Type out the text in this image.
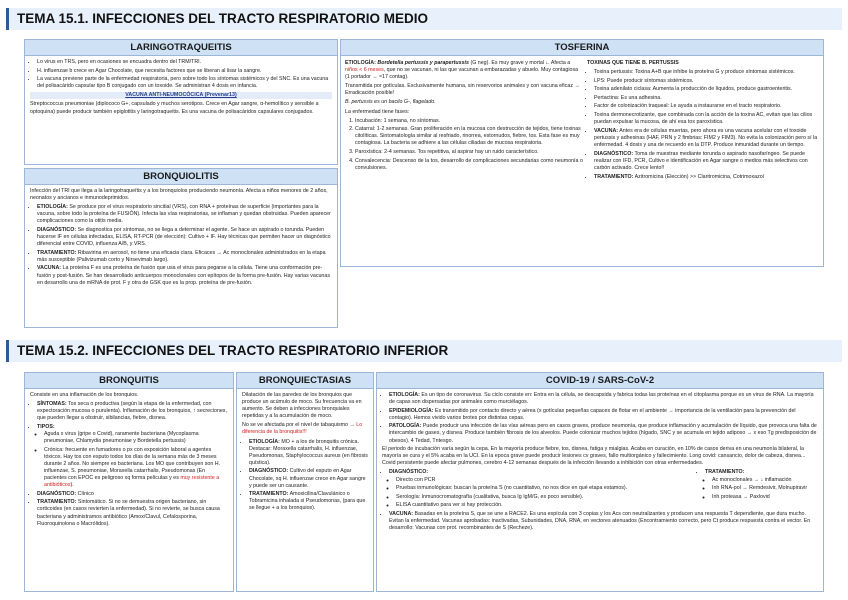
TEMA 15.1. INFECCIONES DEL TRACTO RESPIRATORIO MEDIO
LARINGOTRAQUEITIS
• Lo virus en TRS, pero en ocasiones se encuadra dentro del TRM/TRI.
• H. influenzae b crece en Agar Chocolate, que necesita factores que se liberan al lisar la sangre.
• La vacuna previene parte de la enfermedad respiratoria, pero sobre todo los síntomas sistémicos y del SNC. Es una vacuna del polisacárido capsular tipo B conjugado con un toxoide. Se administran 4 dosis en infancia.
VACUNA ANTI-NEUMOCÓCICA (Prevenar13)

Streptococcus pneumoniae (diplococo G+, capsulado y muchos serotipos. Crece en Agar sangre, α-hemolítico y sensible a optoquina) puede producir también epiglotitis y laringotraqueitis. Es una vacuna de polisacáridos capsulares conjugados.

BRONQUIOLITIS

Infección del TRI que llega a la laringotraqueítis y a los bronquiolos produciendo neumonía. Afecta a niños menores de 2 años, neonatos y ancianos e inmunodeprimidos.

• ETIOLOGÍA: Se produce por el virus respiratorio sincitial (VRS), con RNA + proteínas de superficie (importantes para la vacuna, sobre todo la proteína de FUSIÓN). Infecta las vías respiratorias, se inflaman y quedan obstruidas. Pueden aparecer complicaciones como la otitis media.
• DIAGNÓSTICO: Se diagnostica por síntomas, no se llega a determinar el agente. Se hace un aspirado o torunda. Pueden hacerse IF en células infectadas, ELISA, RT-PCR (de elección): Cultivo + IF. Hay técnicas que permiten hacer un diagnóstico diferencial entre COVID, influenza A/B, y VRS.
• TRATAMIENTO: Ribavirina en aerosol, no tiene una eficacia clara. Eficaces → Ac monoclonales administrados en la etapa más susceptible (Palivizumab corto y Nirsevimab largo).
• VACUNA: La proteína F es una proteína de fusión que usa el virus para pegarse a la célula. Tiene una conformación pre-fusión y post-fusión. Se han desarrollado anticuerpos monoclonales con epítopos de la forma pre-fusión. Hay varias vacunas en desarrollo una de mRNA de prot. F y otra de GSK que es la prop. proteína de pre-fusión.
TOSFERINA

ETIOLOGÍA: Bordetella pertussis y parapertussis (G neg). Es muy grave y mortal ↓. Afecta a niños < 6 meses, que no se vacunan, ni las que vacunan a embarazadas y abuelo. Muy contagiosa (1 portador → ≈17 contag).

Transmitida por gotículas. Exclusivamente humana, sin reservorios animales y con vacuna eficaz → Erradicación posible!

B. pertussis es un bacilo G-, flagelado.

La enfermedad tiene fases:

1. Incubación: 1 semana, no síntomas.
2. Catarral: 1-2 semanas. Gran proliferación en la mucosa con destrucción de tejidos, tiene toxinas citolíticas. Sintomatología similar al resfriado, rinorrea, estornudos, fiebre, tos. Esta fase es muy contagiosa. La bacteria se adhiere a las células ciliadas de mucosa respiratoria.
3. Paroxística: 2-4 semanas. Tos repetitiva, al aspirar hay un ruido característico.
4. Convalecencia: Descenso de la tos, desarrollo de complicaciones secundarias como neumonía o convulsiones.

TOXINAS QUE TIENE B. PERTUSSIS

• Toxina pertussis: Toxina A+B que inhibe la proteína G y produce síntomas sistémicos.
• LPS: Puede producir síntomas sistémicos.
• Toxina adenilato ciclasa: Aumenta la producción de líquidos, produce gastroenteritis.
• Pertactina: Es una adhesina.
• Factor de colonización traqueal: Le ayuda a instaurarse en el tracto respiratorio.
• Toxina dermonecrotizante, que combinada con la acción de la toxina AC, evitan que las cilios puedan expulsar la mucosa, de ahí esa tos paroxística.
• VACUNA: Antes era de células muertas, pero ahora es una vacuna acelular con el toxoide pertussis y adhesinas (HAF, PRN y 2 fimbrias: FIM2 y FIM3). No evita la colonización pero sí la enfermedad. 4 dosis y una de recuerdo en la DTP. Produce inmunidad durante un tiempo.
• DIAGNÓSTICO: Toma de muestras mediante torunda o aspirado nasofaríngeo. Se puede realizar con IFD, PCR, Cultivo e identificación en Agar sangre o medios más selectivos con carbón activado. Crece lento!!
• TRATAMIENTO: Azitromicina (Elección) >> Claritromicina, Cotrimoxazol
TEMA 15.2. INFECCIONES DEL TRACTO RESPIRATORIO INFERIOR
BRONQUITIS

Consiste en una inflamación de los bronquios.

• SÍNTOMAS: Tos seca o productiva (según la etapa de la enfermedad, con expectoración mucosa o purulenta). Inflamación de los bronquios, ↑ secreciones, que pueden llegar a obstruir, sibilancias, fiebre, disnea.
• TIPOS:
◦ Aguda x virus (gripe o Covid), raramente bacteriana (Mycoplasma pneumoniae, Chlamydia pneumoniae y Bordetella pertussis)
◦ Crónica: frecuente en fumadores o px con exposición laboral a agentes tóxicos. Hay tos con esputo todos los días de la semana más de 3 meses durante 2 años. No siempre es bacteriana. Los MO que contribuyen son H. influenzae, S. pneumoniae, Moraxella catarrhalis, Pseudomonas (En pacientes con EPOC es peligroso xq forma películas y es muy resistente a antibióticos).
• DIAGNÓSTICO: Clínico
• TRATAMIENTO: Sintomático. Si no se demuestra origen bacteriano, sin corticoides (en casos revierten la enfermedad). Si no revierte, se busca causa bacteriana y administramos antibiótico (Amox/Clavul, Cefalosporina, Fluoroquinolona o Macrólidos).
BRONQUIECTASIAS

Dilatación de las paredes de los bronquios que produce un acúmulo de moco. Su frecuencia va en aumento. Se deben a infecciones bronquiales repetidas y a la acumulación de moco.

No se ve afectada por el nivel de tabaquismo → Lo diferencia de la bronquitis!!!

• ETIOLOGÍA: MO + a los de bronquitis crónica. Destacar: Moraxella catarrhalis, H. influenzae, Pseudomonas, Staphylococcus aureus (en fibrosis quística).
• DIAGNÓSTICO: Cultivo del esputo en Agar Chocolate, xq H. influenzae crece en Agar sangre y puede ser un causante.
• TRATAMIENTO: Amoxicilina/Clavulánico o Tobramicina inhalada si Pseudomonas, (para que se llegue + a los bronquios).
COVID-19 / SARS-CoV-2
• ETIOLOGÍA: Es un tipo de coronavirus. Su ciclo consiste en: Entra en la célula, se descapsida y fabrica todas las proteínas en el citoplasma porque es un virus de RNA. La mayoría de capas son dispersadas por animales como murciélagos.
• EPIDEMIOLOGÍA: Es transmitido por contacto directo y aérea (x gotículas pequeñas capaces de flotar en el ambiente → importancia de la ventilación para la prevención del contagio). Hemos vivido varios brotes por distintas cepas.
• PATOLOGÍA: Puede producir una infección de las vías aéreas pero en casos graves, produce neumonía, que produce inflamación y acumulación de líquido, que provoca una falta de intercambio de gases, y disnea. Produce también fibrosis de los alveolos. Puede colonizar muchos tejidos (hígado, SNC y se acumula en tejido adiposo → x eso Tg predisposición de obesos). 4 Tedad, Tntesgo.

El periodo de incubación varía según la cepa. En la mayoría produce fiebre, tos, disnea, fatiga y mialgias. Acaba en curación, en 10% de casos deriva en una neumonía bilateral, la mayoría se cura y el 5% acaba en la UCI. En la epoca grave puede producir lesiones cv graves, fallo multiorgánico y fallecimiento. Long covid: cansancio, dolor de cabeza, disnea... Covid persistente puede afectar pulmones, cerebro 4-12 semanas después de la infección llevando a inhibición con otras enfermedades.

• DIAGNÓSTICO:
◦ Directo con PCR
◦ Pruebas inmunológicas: buscan la proteína S (no cuantitativo, no nos dice en qué etapa estamos).
◦ Serología: Inmunocromatografía (cualitativa, busca Ig IgM/G, es poco sensible).
◦ ELISA cuantitativo para ver si hay protección.
• TRATAMIENTO:
◦ Ac monoclonales → ↓ inflamación
◦ Inh RNA-pol → Remdesivir, Molnupiravir
◦ Inh proteasa → Paxlovid
• VACUNA: Basadas en la proteína S, que se une a RACE2. Es una espícula con 3 copias y los Acs con neutralizantes y producen una respuesta T dependiente, que dura mucho. Evitan la enfermedad. Vacunas aprobadas: inactivadas, Subunidades, DNA, RNA, en vectores atenuados (Encontramiento correcto, pero Ct produce respuesta contra el vector. En desarrollo: Vacunas con prot. recombinantes de S (Recheze).
